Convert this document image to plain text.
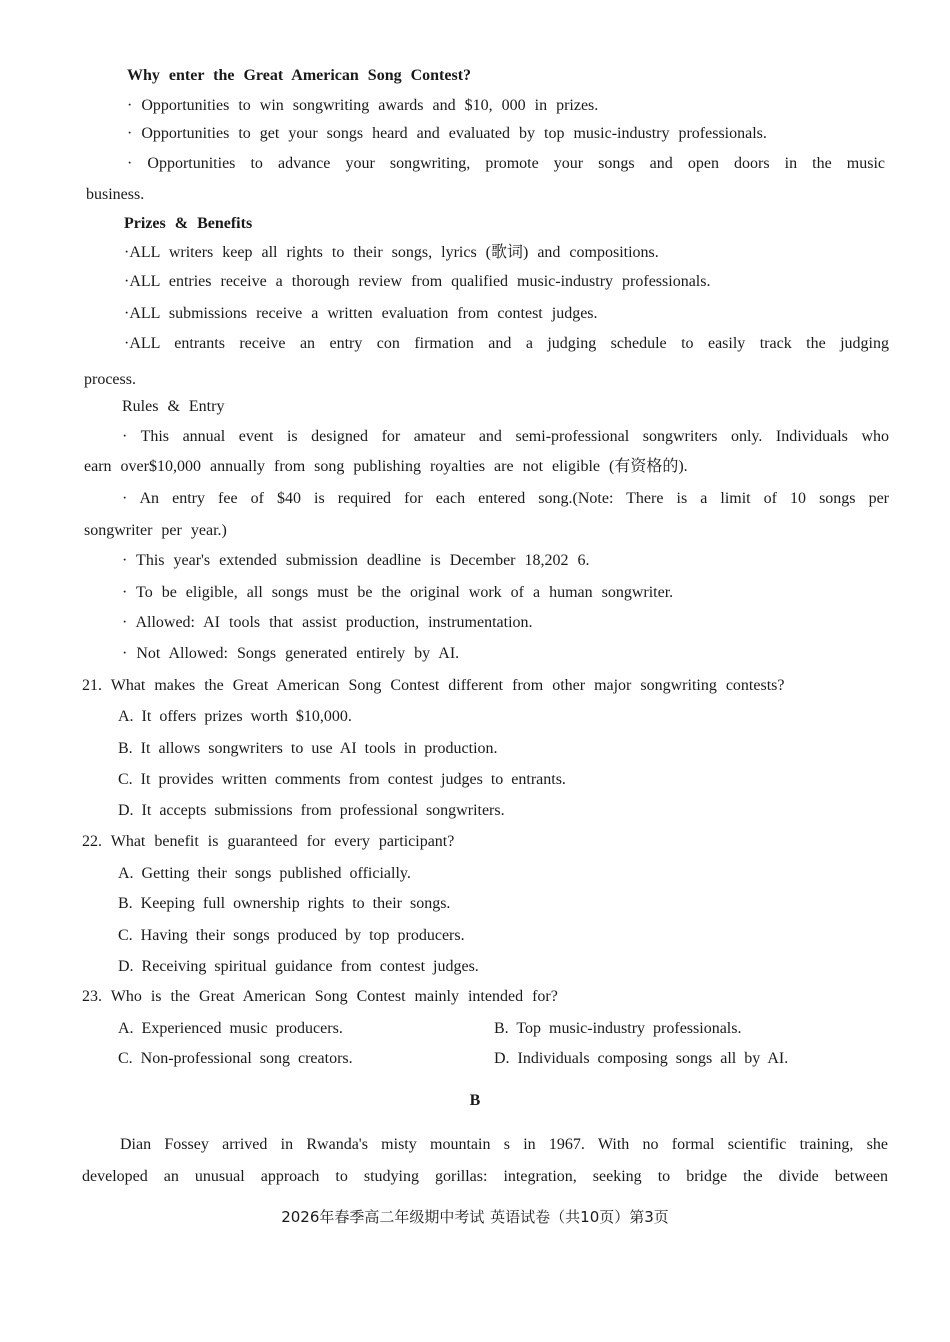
Why enter the Great American Song Contest?
· Opportunities to win songwriting awards and $10, 000 in prizes.
· Opportunities to get your songs heard and evaluated by top music-industry professionals.
· Opportunities to advance your songwriting, promote your songs and open doors in the music
business.
Prizes & Benefits
·ALL writers keep all rights to their songs, lyrics (歌词) and compositions.
·ALL entries receive a thorough review from qualified music-industry professionals.
·ALL submissions receive a written evaluation from contest judges.
·ALL entrants receive an entry con firmation and a judging schedule to easily track the judging
process.
Rules & Entry
· This annual event is designed for amateur and semi-professional songwriters only. Individuals who
earn over$10,000 annually from song publishing royalties are not eligible (有资格的).
· An entry fee of $40 is required for each entered song.(Note: There is a limit of 10 songs per
songwriter per year.)
· This year's extended submission deadline is December 18,202 6.
· To be eligible, all songs must be the original work of a human songwriter.
· Allowed: AI tools that assist production, instrumentation.
· Not Allowed: Songs generated entirely by AI.
21. What makes the Great American Song Contest different from other major songwriting contests?
A. It offers prizes worth $10,000.
B. It allows songwriters to use AI tools in production.
C. It provides written comments from contest judges to entrants.
D. It accepts submissions from professional songwriters.
22. What benefit is guaranteed for every participant?
A. Getting their songs published officially.
B. Keeping full ownership rights to their songs.
C. Having their songs produced by top producers.
D. Receiving spiritual guidance from contest judges.
23. Who is the Great American Song Contest mainly intended for?
A. Experienced music producers.	B. Top music-industry professionals.
C. Non-professional song creators.	D. Individuals composing songs all by AI.
B
Dian Fossey arrived in Rwanda's misty mountain s in 1967. With no formal scientific training, she
developed an unusual approach to studying gorillas: integration, seeking to bridge the divide between
2026年春季高二年级期中考试 英语试卷（共10页）第3页
